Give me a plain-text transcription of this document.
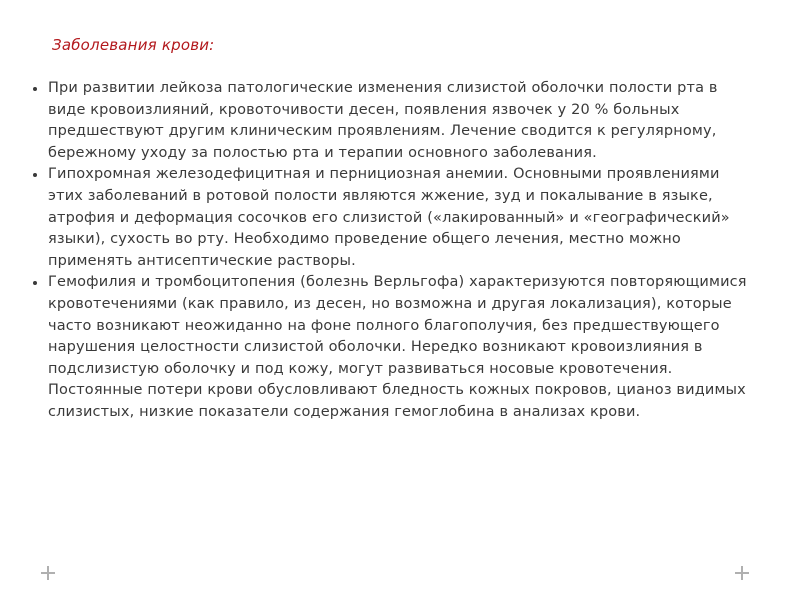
Заболевания крови:
При развитии лейкоза патологические изменения слизистой оболочки полости рта в виде кровоизлияний, кровоточивости десен, появления язвочек у 20 % больных предшествуют другим клиническим проявлениям. Лечение сводится к регулярному, бережному уходу за полостью рта и терапии основного заболевания.
Гипохромная железодефицитная и пернициозная анемии. Основными проявлениями этих заболеваний в ротовой полости являются жжение, зуд и покалывание в языке, атрофия и деформация сосочков его слизистой («лакированный» и «географический» языки), сухость во рту. Необходимо проведение общего лечения, местно можно применять антисептические растворы.
Гемофилия и тромбоцитопения (болезнь Верльгофа) характеризуются повторяющимися кровотечениями (как правило, из десен, но возможна и другая локализация), которые часто возникают неожиданно на фоне полного благополучия, без предшествующего нарушения целостности слизистой оболочки. Нередко возникают кровоизлияния в подслизистую оболочку и под кожу, могут развиваться носовые кровотечения. Постоянные потери крови обусловливают бледность кожных покровов, цианоз видимых слизистых, низкие показатели содержания гемоглобина в анализах крови.
